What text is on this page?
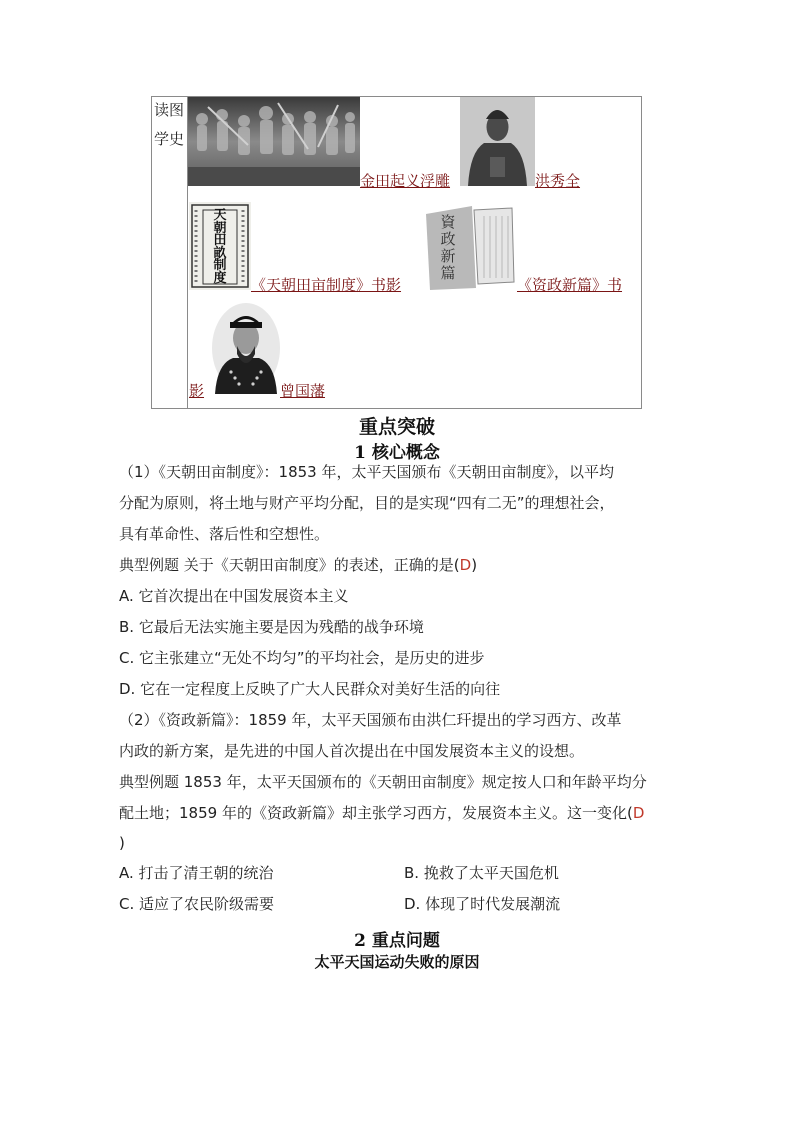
读图
学史
金田起义浮雕	洪秀全
天朝田畝制度	《天朝田亩制度》书影
資政新篇
《资政新篇》书
影	曾国藩
重点突破
1 核心概念
（1）《天朝田亩制度》：1853 年，太平天国颁布《天朝田亩制度》，以平均
分配为原则，将土地与财产平均分配，目的是实现“四有二无”的理想社会，
具有革命性、落后性和空想性。
典型例题 关于《天朝田亩制度》的表述，正确的是(D)
A. 它首次提出在中国发展资本主义
B. 它最后无法实施主要是因为残酷的战争环境
C. 它主张建立“无处不均匀”的平均社会，是历史的进步
D. 它在一定程度上反映了广大人民群众对美好生活的向往
（2）《资政新篇》：1859 年，太平天国颁布由洪仁玕提出的学习西方、改革
内政的新方案，是先进的中国人首次提出在中国发展资本主义的设想。
典型例题 1853 年，太平天国颁布的《天朝田亩制度》规定按人口和年龄平均分
配土地；1859 年的《资政新篇》却主张学习西方，发展资本主义。这一变化(D
)
A. 打击了清王朝的统治	B. 挽救了太平天国危机
C. 适应了农民阶级需要	D. 体现了时代发展潮流
2 重点问题
太平天国运动失败的原因
